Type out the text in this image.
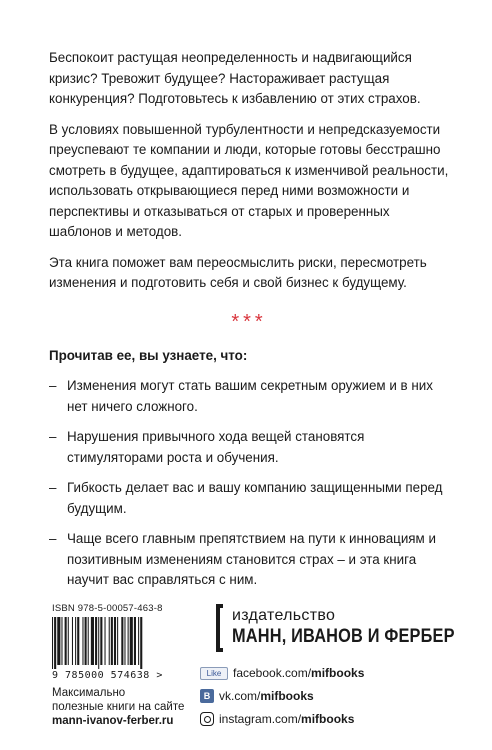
Беспокоит растущая неопределенность и надвигающийся кризис? Тревожит будущее? Настораживает растущая конкуренция? Подготовьтесь к избавлению от этих страхов.

В условиях повышенной турбулентности и непредсказуемости преуспевают те компании и люди, которые готовы бесстрашно смотреть в будущее, адаптироваться к изменчивой реальности, использовать открывающиеся перед ними возможности и перспективы и отказываться от старых и проверенных шаблонов и методов.

Эта книга поможет вам переосмыслить риски, пересмотреть изменения и подготовить себя и свой бизнес к будущему.

***

Прочитав ее, вы узнаете, что:

– Изменения могут стать вашим секретным оружием и в них нет ничего сложного.
– Нарушения привычного хода вещей становятся стимуляторами роста и обучения.
– Гибкость делает вас и вашу компанию защищенными перед будущим.
– Чаще всего главным препятствием на пути к инновациям и позитивным изменениям становится страх – и эта книга научит вас справляться с ним.
ISBN 978-5-00057-463-8
9 785000 574638 >
Максимально
полезные книги на сайте
mann-ivanov-ferber.ru
издательство
МАНН, ИВАНОВ И ФЕРБЕР
Like facebook.com/ mifbooks
B vk.com/ mifbooks
instagram.com/ mifbooks
